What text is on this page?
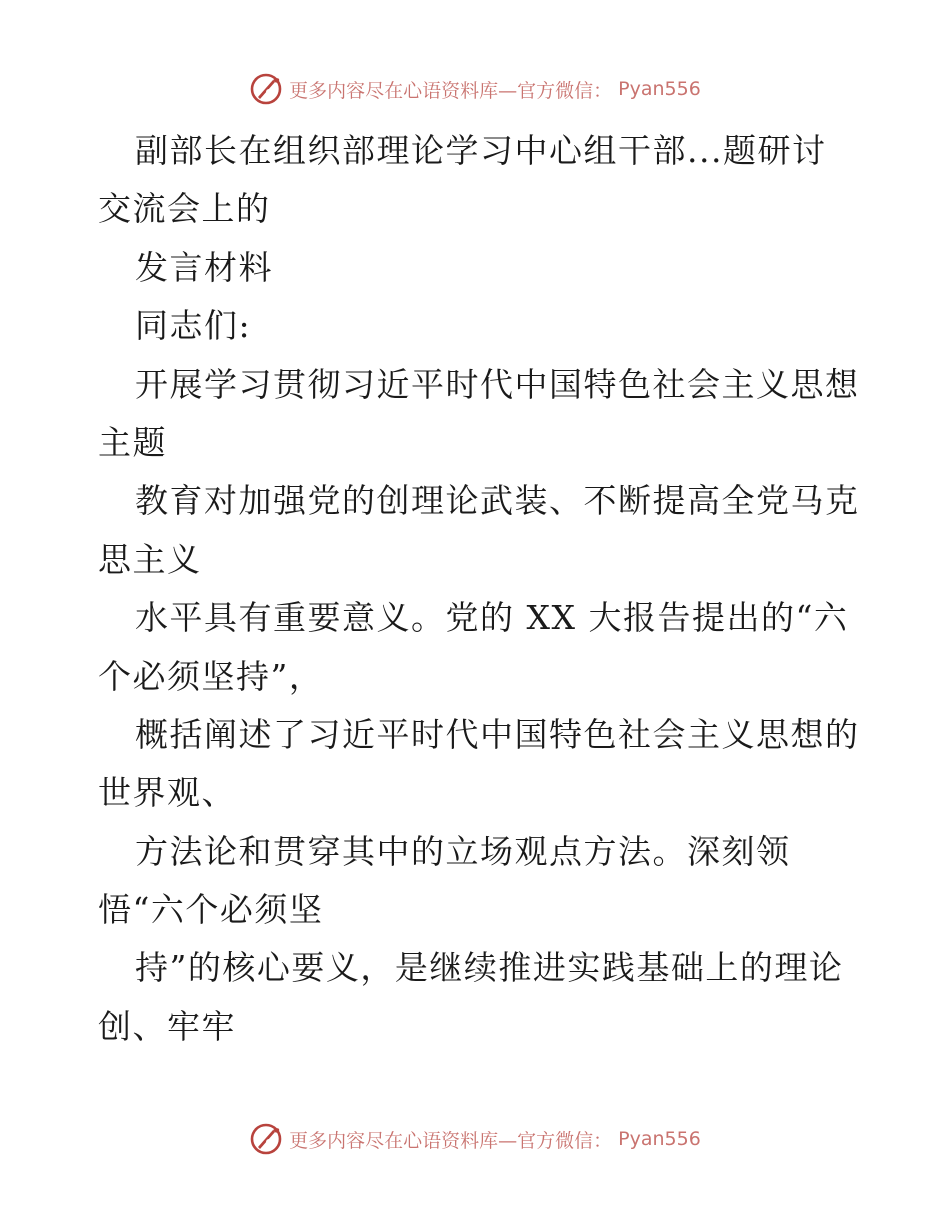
更多内容尽在心语资料库—官方微信： Pyan556
副部长在组织部理论学习中心组干部...题研讨
交流会上的
发言材料
同志们:
开展学习贯彻习近平时代中国特色社会主义思想
主题
教育对加强党的创理论武装、不断提高全党马克
思主义
水平具有重要意义。党的 XX 大报告提出的“六
个必须坚持”，
概括阐述了习近平时代中国特色社会主义思想的
世界观、
方法论和贯穿其中的立场观点方法。深刻领
悟“六个必须坚
持”的核心要义，是继续推进实践基础上的理论
创、牢牢
更多内容尽在心语资料库—官方微信： Pyan556
